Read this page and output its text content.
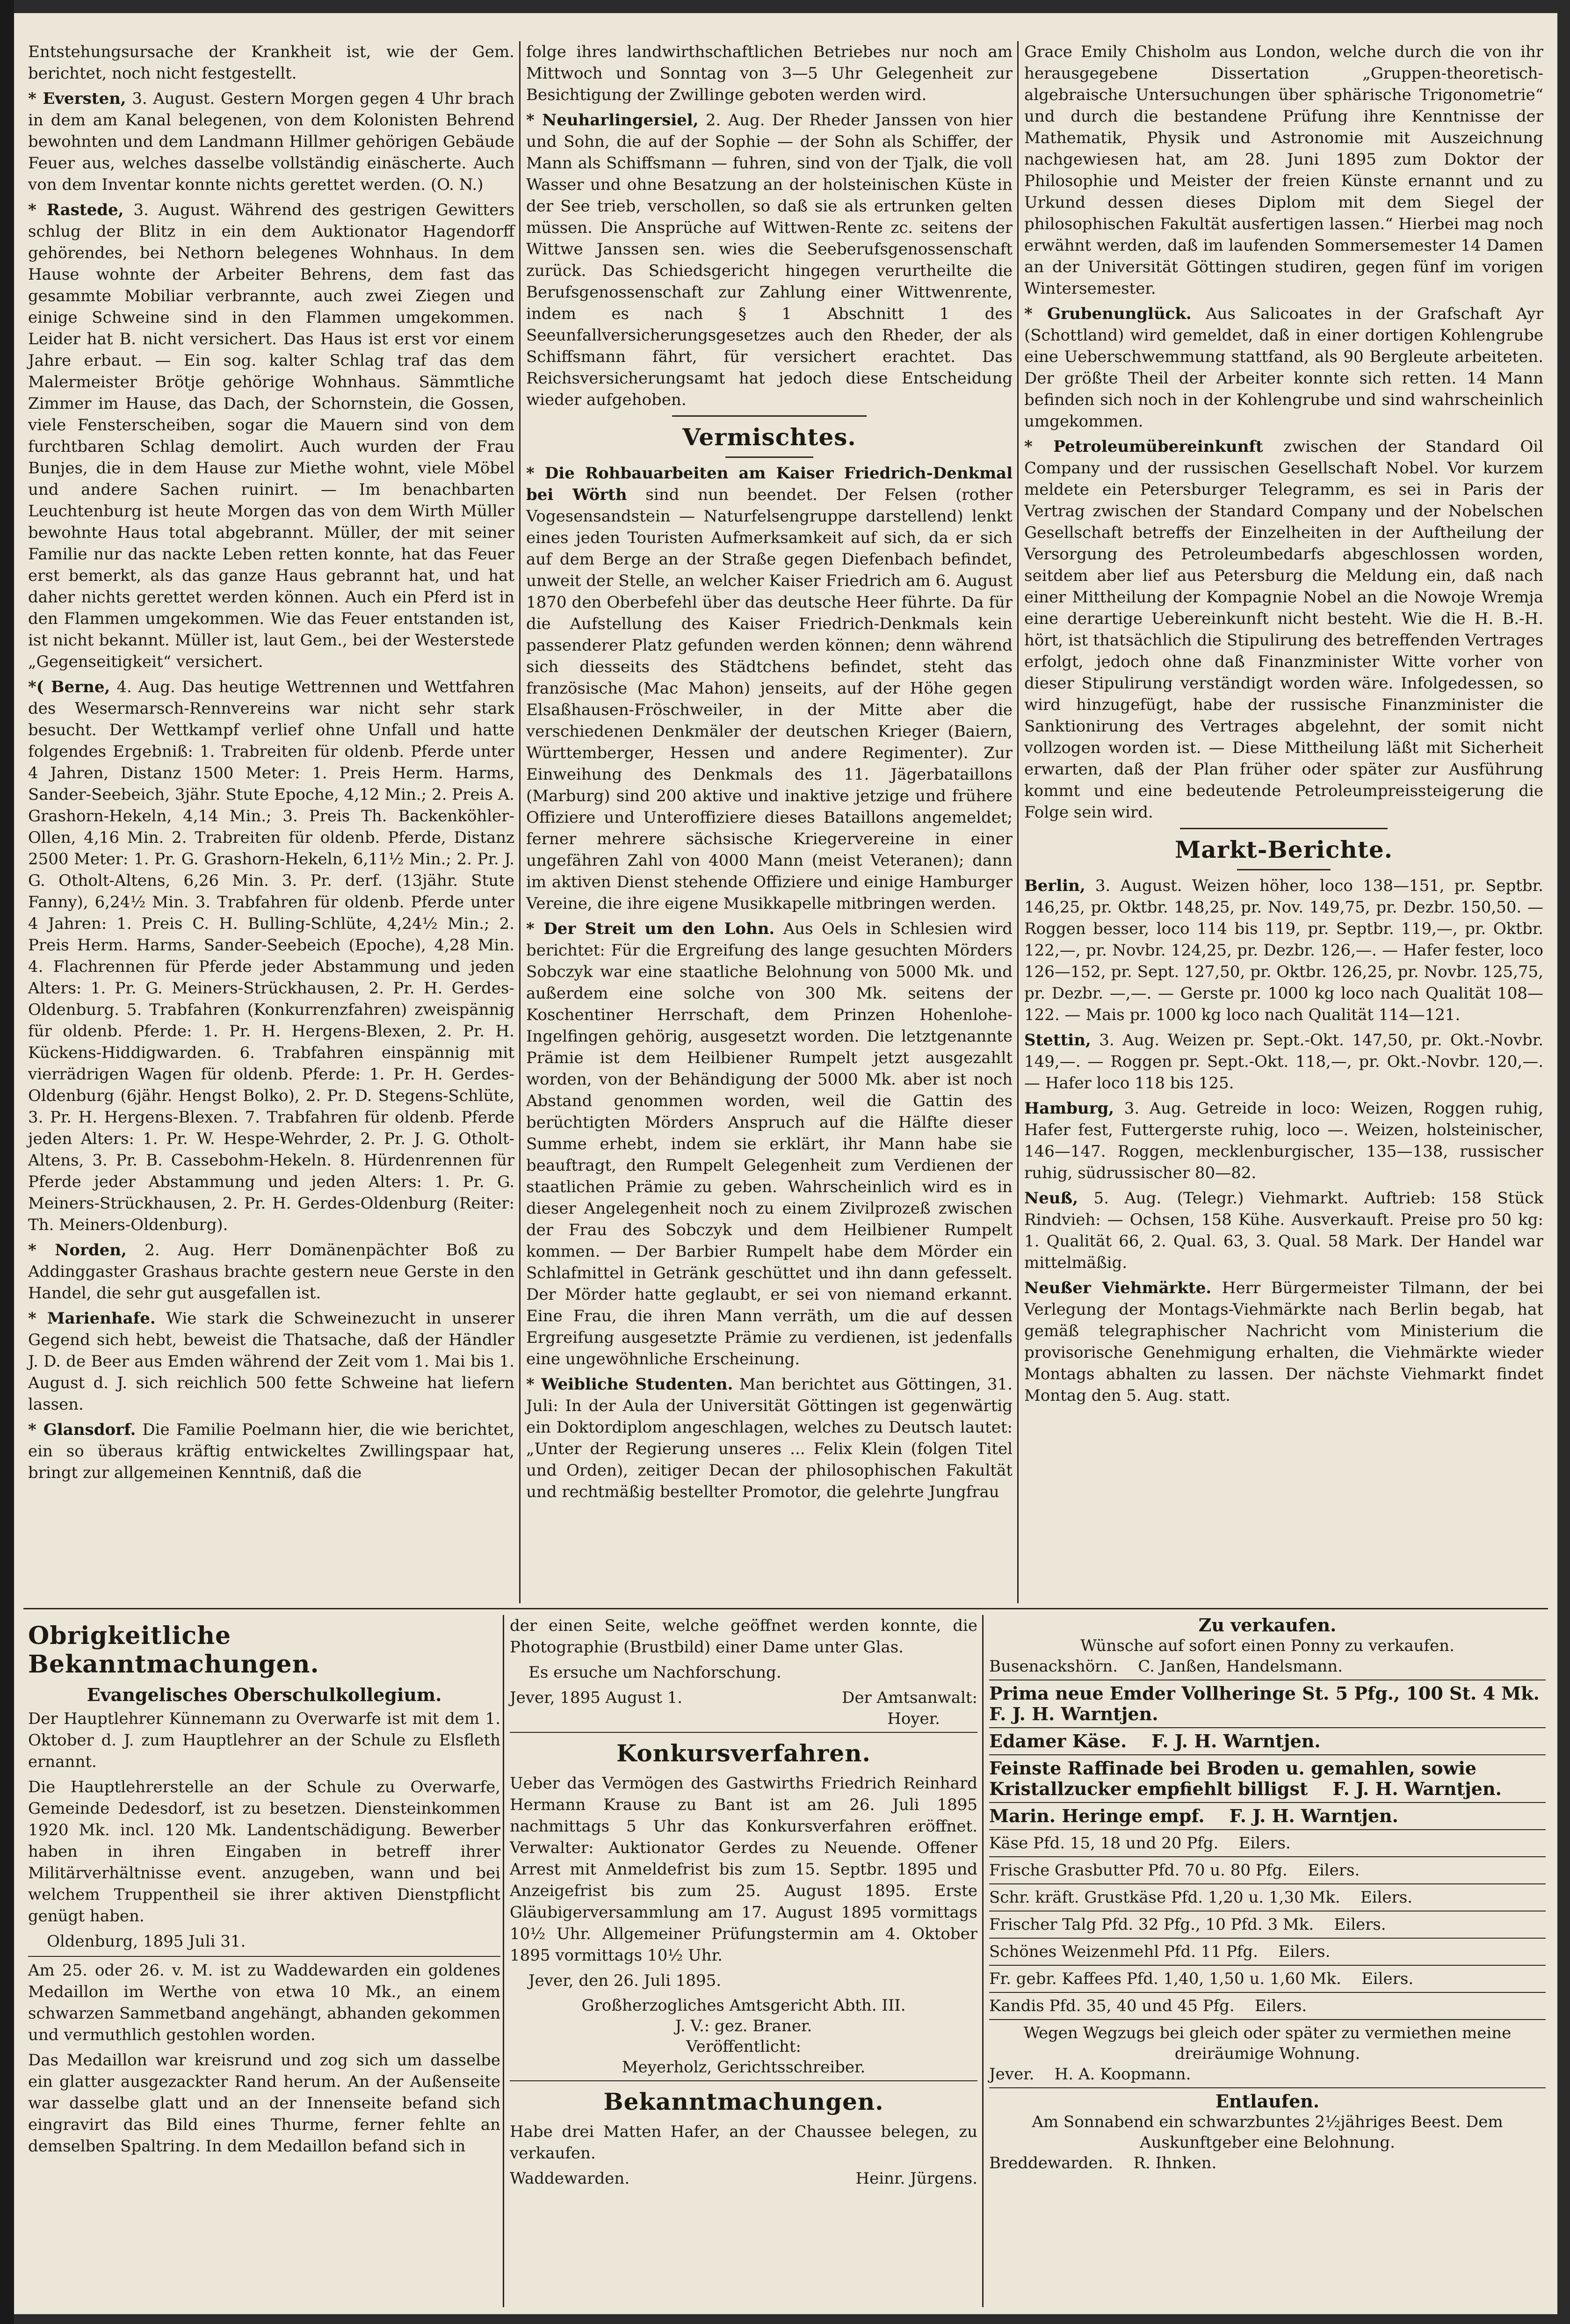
Entstehungsursache der Krankheit ist, wie der Gem. berichtet, noch nicht festgestellt.

* Eversten, 3. August. Gestern Morgen gegen 4 Uhr brach in dem am Kanal belegenen, von dem Kolonisten Behrend bewohnten und dem Landmann Hillmer gehörigen Gebäude Feuer aus, welches dasselbe vollständig einäscherte. Auch von dem Inventar konnte nichts gerettet werden. (O. N.)

* Rastede, 3. August. Während des gestrigen Gewitters schlug der Blitz in ein dem Auktionator Hagendorff gehörendes, bei Nethorn belegenes Wohnhaus. In dem Hause wohnte der Arbeiter Behrens, dem fast das gesammte Mobiliar verbrannte, auch zwei Ziegen und einige Schweine sind in den Flammen umgekommen. Leider hat B. nicht versichert. Das Haus ist erst vor einem Jahre erbaut. — Ein sog. kalter Schlag traf das dem Malermeister Brötje gehörige Wohnhaus. Sämmtliche Zimmer im Hause, das Dach, der Schornstein, die Gossen, viele Fensterscheiben, sogar die Mauern sind von dem furchtbaren Schlag demolirt. Auch wurden der Frau Bunjes, die in dem Hause zur Miethe wohnt, viele Möbel und andere Sachen ruinirt. — Im benachbarten Leuchtenburg ist heute Morgen das von dem Wirth Müller bewohnte Haus total abgebrannt. Müller, der mit seiner Familie nur das nackte Leben retten konnte, hat das Feuer erst bemerkt, als das ganze Haus gebrannt hat, und hat daher nichts gerettet werden können. Auch ein Pferd ist in den Flammen umgekommen. Wie das Feuer entstanden ist, ist nicht bekannt. Müller ist, laut Gem., bei der Westerstede „Gegenseitigkeit“ versichert.

*( Berne, 4. Aug. Das heutige Wettrennen und Wettfahren des Wesermarsch-Rennvereins war nicht sehr stark besucht. Der Wettkampf verlief ohne Unfall und hatte folgendes Ergebniß: 1. Trabreiten für oldenb. Pferde unter 4 Jahren, Distanz 1500 Meter: 1. Preis Herm. Harms, Sander-Seebeich, 3jähr. Stute Epoche, 4,12 Min.; 2. Preis A. Grashorn-Hekeln, 4,14 Min.; 3. Preis Th. Backenköhler-Ollen, 4,16 Min. 2. Trabreiten für oldenb. Pferde, Distanz 2500 Meter: 1. Pr. G. Grashorn-Hekeln, 6,11½ Min.; 2. Pr. J. G. Otholt-Altens, 6,26 Min. 3. Pr. derf. (13jähr. Stute Fanny), 6,24½ Min. 3. Trabfahren für oldenb. Pferde unter 4 Jahren: 1. Preis C. H. Bulling-Schlüte, 4,24½ Min.; 2. Preis Herm. Harms, Sander-Seebeich (Epoche), 4,28 Min. 4. Flachrennen für Pferde jeder Abstammung und jeden Alters: 1. Pr. G. Meiners-Strückhausen, 2. Pr. H. Gerdes-Oldenburg. 5. Trabfahren (Konkurrenzfahren) zweispännig für oldenb. Pferde: 1. Pr. H. Hergens-Blexen, 2. Pr. H. Kückens-Hiddigwarden. 6. Trabfahren einspännig mit vierrädrigen Wagen für oldenb. Pferde: 1. Pr. H. Gerdes-Oldenburg (6jähr. Hengst Bolko), 2. Pr. D. Stegens-Schlüte, 3. Pr. H. Hergens-Blexen. 7. Trabfahren für oldenb. Pferde jeden Alters: 1. Pr. W. Hespe-Wehrder, 2. Pr. J. G. Otholt-Altens, 3. Pr. B. Cassebohm-Hekeln. 8. Hürdenrennen für Pferde jeder Abstammung und jeden Alters: 1. Pr. G. Meiners-Strückhausen, 2. Pr. H. Gerdes-Oldenburg (Reiter: Th. Meiners-Oldenburg).

* Norden, 2. Aug. Herr Domänenpächter Boß zu Addinggaster Grashaus brachte gestern neue Gerste in den Handel, die sehr gut ausgefallen ist.

* Marienhafe. Wie stark die Schweinezucht in unserer Gegend sich hebt, beweist die Thatsache, daß der Händler J. D. de Beer aus Emden während der Zeit vom 1. Mai bis 1. August d. J. sich reichlich 500 fette Schweine hat liefern lassen.

* Glansdorf. Die Familie Poelmann hier, die wie berichtet, ein so überaus kräftig entwickeltes Zwillingspaar hat, bringt zur allgemeinen Kenntniß, daß die

folge ihres landwirthschaftlichen Betriebes nur noch am Mittwoch und Sonntag von 3—5 Uhr Gelegenheit zur Besichtigung der Zwillinge geboten werden wird.

* Neuharlingersiel, 2. Aug. Der Rheder Janssen von hier und Sohn, die auf der Sophie — der Sohn als Schiffer, der Mann als Schiffsmann — fuhren, sind von der Tjalk, die voll Wasser und ohne Besatzung an der holsteinischen Küste in der See trieb, verschollen, so daß sie als ertrunken gelten müssen. Die Ansprüche auf Wittwen-Rente zc. seitens der Wittwe Janssen sen. wies die Seeberufsgenossenschaft zurück. Das Schiedsgericht hingegen verurtheilte die Berufsgenossenschaft zur Zahlung einer Wittwenrente, indem es nach § 1 Abschnitt 1 des Seeunfallversicherungsgesetzes auch den Rheder, der als Schiffsmann fährt, für versichert erachtet. Das Reichsversicherungsamt hat jedoch diese Entscheidung wieder aufgehoben.

Vermischtes.

* Die Rohbauarbeiten am Kaiser Friedrich-Denkmal bei Wörth sind nun beendet. Der Felsen (rother Vogesensandstein — Naturfelsengruppe darstellend) lenkt eines jeden Touristen Aufmerksamkeit auf sich, da er sich auf dem Berge an der Straße gegen Diefenbach befindet, unweit der Stelle, an welcher Kaiser Friedrich am 6. August 1870 den Oberbefehl über das deutsche Heer führte. Da für die Aufstellung des Kaiser Friedrich-Denkmals kein passenderer Platz gefunden werden können; denn während sich diesseits des Städtchens befindet, steht das französische (Mac Mahon) jenseits, auf der Höhe gegen Elsaßhausen-Fröschweiler, in der Mitte aber die verschiedenen Denkmäler der deutschen Krieger (Baiern, Württemberger, Hessen und andere Regimenter). Zur Einweihung des Denkmals des 11. Jägerbataillons (Marburg) sind 200 aktive und inaktive jetzige und frühere Offiziere und Unteroffiziere dieses Bataillons angemeldet; ferner mehrere sächsische Kriegervereine in einer ungefähren Zahl von 4000 Mann (meist Veteranen); dann im aktiven Dienst stehende Offiziere und einige Hamburger Vereine, die ihre eigene Musikkapelle mitbringen werden.

* Der Streit um den Lohn. Aus Oels in Schlesien wird berichtet: Für die Ergreifung des lange gesuchten Mörders Sobczyk war eine staatliche Belohnung von 5000 Mk. und außerdem eine solche von 300 Mk. seitens der Koschentiner Herrschaft, dem Prinzen Hohenlohe-Ingelfingen gehörig, ausgesetzt worden. Die letztgenannte Prämie ist dem Heilbiener Rumpelt jetzt ausgezahlt worden, von der Behändigung der 5000 Mk. aber ist noch Abstand genommen worden, weil die Gattin des berüchtigten Mörders Anspruch auf die Hälfte dieser Summe erhebt, indem sie erklärt, ihr Mann habe sie beauftragt, den Rumpelt Gelegenheit zum Verdienen der staatlichen Prämie zu geben. Wahrscheinlich wird es in dieser Angelegenheit noch zu einem Zivilprozeß zwischen der Frau des Sobczyk und dem Heilbiener Rumpelt kommen. — Der Barbier Rumpelt habe dem Mörder ein Schlafmittel in Getränk geschüttet und ihn dann gefesselt. Der Mörder hatte geglaubt, er sei von niemand erkannt. Eine Frau, die ihren Mann verräth, um die auf dessen Ergreifung ausgesetzte Prämie zu verdienen, ist jedenfalls eine ungewöhnliche Erscheinung.

* Weibliche Studenten. Man berichtet aus Göttingen, 31. Juli: In der Aula der Universität Göttingen ist gegenwärtig ein Doktordiplom angeschlagen, welches zu Deutsch lautet: „Unter der Regierung unseres ... Felix Klein (folgen Titel und Orden), zeitiger Decan der philosophischen Fakultät und rechtmäßig bestellter Promotor, die gelehrte Jungfrau

Grace Emily Chisholm aus London, welche durch die von ihr herausgegebene Dissertation „Gruppen-theoretisch-algebraische Untersuchungen über sphärische Trigonometrie“ und durch die bestandene Prüfung ihre Kenntnisse der Mathematik, Physik und Astronomie mit Auszeichnung nachgewiesen hat, am 28. Juni 1895 zum Doktor der Philosophie und Meister der freien Künste ernannt und zu Urkund dessen dieses Diplom mit dem Siegel der philosophischen Fakultät ausfertigen lassen.“ Hierbei mag noch erwähnt werden, daß im laufenden Sommersemester 14 Damen an der Universität Göttingen studiren, gegen fünf im vorigen Wintersemester.

* Grubenunglück. Aus Salicoates in der Grafschaft Ayr (Schottland) wird gemeldet, daß in einer dortigen Kohlengrube eine Ueberschwemmung stattfand, als 90 Bergleute arbeiteten. Der größte Theil der Arbeiter konnte sich retten. 14 Mann befinden sich noch in der Kohlengrube und sind wahrscheinlich umgekommen.

* Petroleumübereinkunft zwischen der Standard Oil Company und der russischen Gesellschaft Nobel. Vor kurzem meldete ein Petersburger Telegramm, es sei in Paris der Vertrag zwischen der Standard Company und der Nobelschen Gesellschaft betreffs der Einzelheiten in der Auftheilung der Versorgung des Petroleumbedarfs abgeschlossen worden, seitdem aber lief aus Petersburg die Meldung ein, daß nach einer Mittheilung der Kompagnie Nobel an die Nowoje Wremja eine derartige Uebereinkunft nicht besteht. Wie die H. B.-H. hört, ist thatsächlich die Stipulirung des betreffenden Vertrages erfolgt, jedoch ohne daß Finanzminister Witte vorher von dieser Stipulirung verständigt worden wäre. Infolgedessen, so wird hinzugefügt, habe der russische Finanzminister die Sanktionirung des Vertrages abgelehnt, der somit nicht vollzogen worden ist. — Diese Mittheilung läßt mit Sicherheit erwarten, daß der Plan früher oder später zur Ausführung kommt und eine bedeutende Petroleumpreissteigerung die Folge sein wird.

Markt-Berichte.

Berlin, 3. August. Weizen höher, loco 138—151, pr. Septbr. 146,25, pr. Oktbr. 148,25, pr. Nov. 149,75, pr. Dezbr. 150,50. — Roggen besser, loco 114 bis 119, pr. Septbr. 119,—, pr. Oktbr. 122,—, pr. Novbr. 124,25, pr. Dezbr. 126,—. — Hafer fester, loco 126—152, pr. Sept. 127,50, pr. Oktbr. 126,25, pr. Novbr. 125,75, pr. Dezbr. —,—. — Gerste pr. 1000 kg loco nach Qualität 108—122. — Mais pr. 1000 kg loco nach Qualität 114—121.

Stettin, 3. Aug. Weizen pr. Sept.-Okt. 147,50, pr. Okt.-Novbr. 149,—. — Roggen pr. Sept.-Okt. 118,—, pr. Okt.-Novbr. 120,—. — Hafer loco 118 bis 125.

Hamburg, 3. Aug. Getreide in loco: Weizen, Roggen ruhig, Hafer fest, Futtergerste ruhig, loco —. Weizen, holsteinischer, 146—147. Roggen, mecklenburgischer, 135—138, russischer ruhig, südrussischer 80—82.

Neuß, 5. Aug. (Telegr.) Viehmarkt. Auftrieb: 158 Stück Rindvieh: — Ochsen, 158 Kühe. Ausverkauft. Preise pro 50 kg: 1. Qualität 66, 2. Qual. 63, 3. Qual. 58 Mark. Der Handel war mittelmäßig.

Neußer Viehmärkte. Herr Bürgermeister Tilmann, der bei Verlegung der Montags-Viehmärkte nach Berlin begab, hat gemäß telegraphischer Nachricht vom Ministerium die provisorische Genehmigung erhalten, die Viehmärkte wieder Montags abhalten zu lassen. Der nächste Viehmarkt findet Montag den 5. Aug. statt.

Obrigkeitliche Bekanntmachungen.
Evangelisches Oberschulkollegium.

Der Hauptlehrer Künnemann zu Overwarfe ist mit dem 1. Oktober d. J. zum Hauptlehrer an der Schule zu Elsfleth ernannt.

Die Hauptlehrerstelle an der Schule zu Overwarfe, Gemeinde Dedesdorf, ist zu besetzen. Diensteinkommen 1920 Mk. incl. 120 Mk. Landentschädigung. Bewerber haben in ihren Eingaben in betreff ihrer Militärverhältnisse event. anzugeben, wann und bei welchem Truppentheil sie ihrer aktiven Dienstpflicht genügt haben.

Oldenburg, 1895 Juli 31.

Am 25. oder 26. v. M. ist zu Waddewarden ein goldenes Medaillon im Werthe von etwa 10 Mk., an einem schwarzen Sammetband angehängt, abhanden gekommen und vermuthlich gestohlen worden.

Das Medaillon war kreisrund und zog sich um dasselbe ein glatter ausgezackter Rand herum. An der Außenseite war dasselbe glatt und an der Innenseite befand sich eingravirt das Bild eines Thurme, ferner fehlte an demselben Spaltring. In dem Medaillon befand sich in

der einen Seite, welche geöffnet werden konnte, die Photographie (Brustbild) einer Dame unter Glas.

Es ersuche um Nachforschung.

Jever, 1895 August 1.	Der Amtsanwalt:
Hoyer.
Konkursverfahren.

Ueber das Vermögen des Gastwirths Friedrich Reinhard Hermann Krause zu Bant ist am 26. Juli 1895 nachmittags 5 Uhr das Konkursverfahren eröffnet. Verwalter: Auktionator Gerdes zu Neuende. Offener Arrest mit Anmeldefrist bis zum 15. Septbr. 1895 und Anzeigefrist bis zum 25. August 1895. Erste Gläubigerversammlung am 17. August 1895 vormittags 10½ Uhr. Allgemeiner Prüfungstermin am 4. Oktober 1895 vormittags 10½ Uhr.

Jever, den 26. Juli 1895.

Großherzogliches Amtsgericht Abth. III.
J. V.: gez. Braner.
Veröffentlicht:
Meyerholz, Gerichtsschreiber.
Bekanntmachungen.

Habe drei Matten Hafer, an der Chaussee belegen, zu verkaufen.

Waddewarden.	Heinr. Jürgens.
Zu verkaufen.
Wünsche auf sofort einen Ponny zu verkaufen.
Busenackshörn.    C. Janßen, Handelsmann.
Prima neue Emder Vollheringe St. 5 Pfg., 100 St. 4 Mk.    F. J. H. Warntjen.
Edamer Käse.    F. J. H. Warntjen.
Feinste Raffinade bei Broden u. gemahlen, sowie Kristallzucker empfiehlt billigst    F. J. H. Warntjen.
Marin. Heringe empf.    F. J. H. Warntjen.
Käse Pfd. 15, 18 und 20 Pfg.    Eilers.
Frische Grasbutter Pfd. 70 u. 80 Pfg.    Eilers.
Schr. kräft. Grustkäse Pfd. 1,20 u. 1,30 Mk.    Eilers.
Frischer Talg Pfd. 32 Pfg., 10 Pfd. 3 Mk.    Eilers.
Schönes Weizenmehl Pfd. 11 Pfg.    Eilers.
Fr. gebr. Kaffees Pfd. 1,40, 1,50 u. 1,60 Mk.    Eilers.
Kandis Pfd. 35, 40 und 45 Pfg.    Eilers.
Wegen Wegzugs bei gleich oder später zu vermiethen meine dreiräumige Wohnung.
Jever.    H. A. Koopmann.
Entlaufen.
Am Sonnabend ein schwarzbuntes 2½jähriges Beest. Dem Auskunftgeber eine Belohnung.
Breddewarden.    R. Ihnken.
